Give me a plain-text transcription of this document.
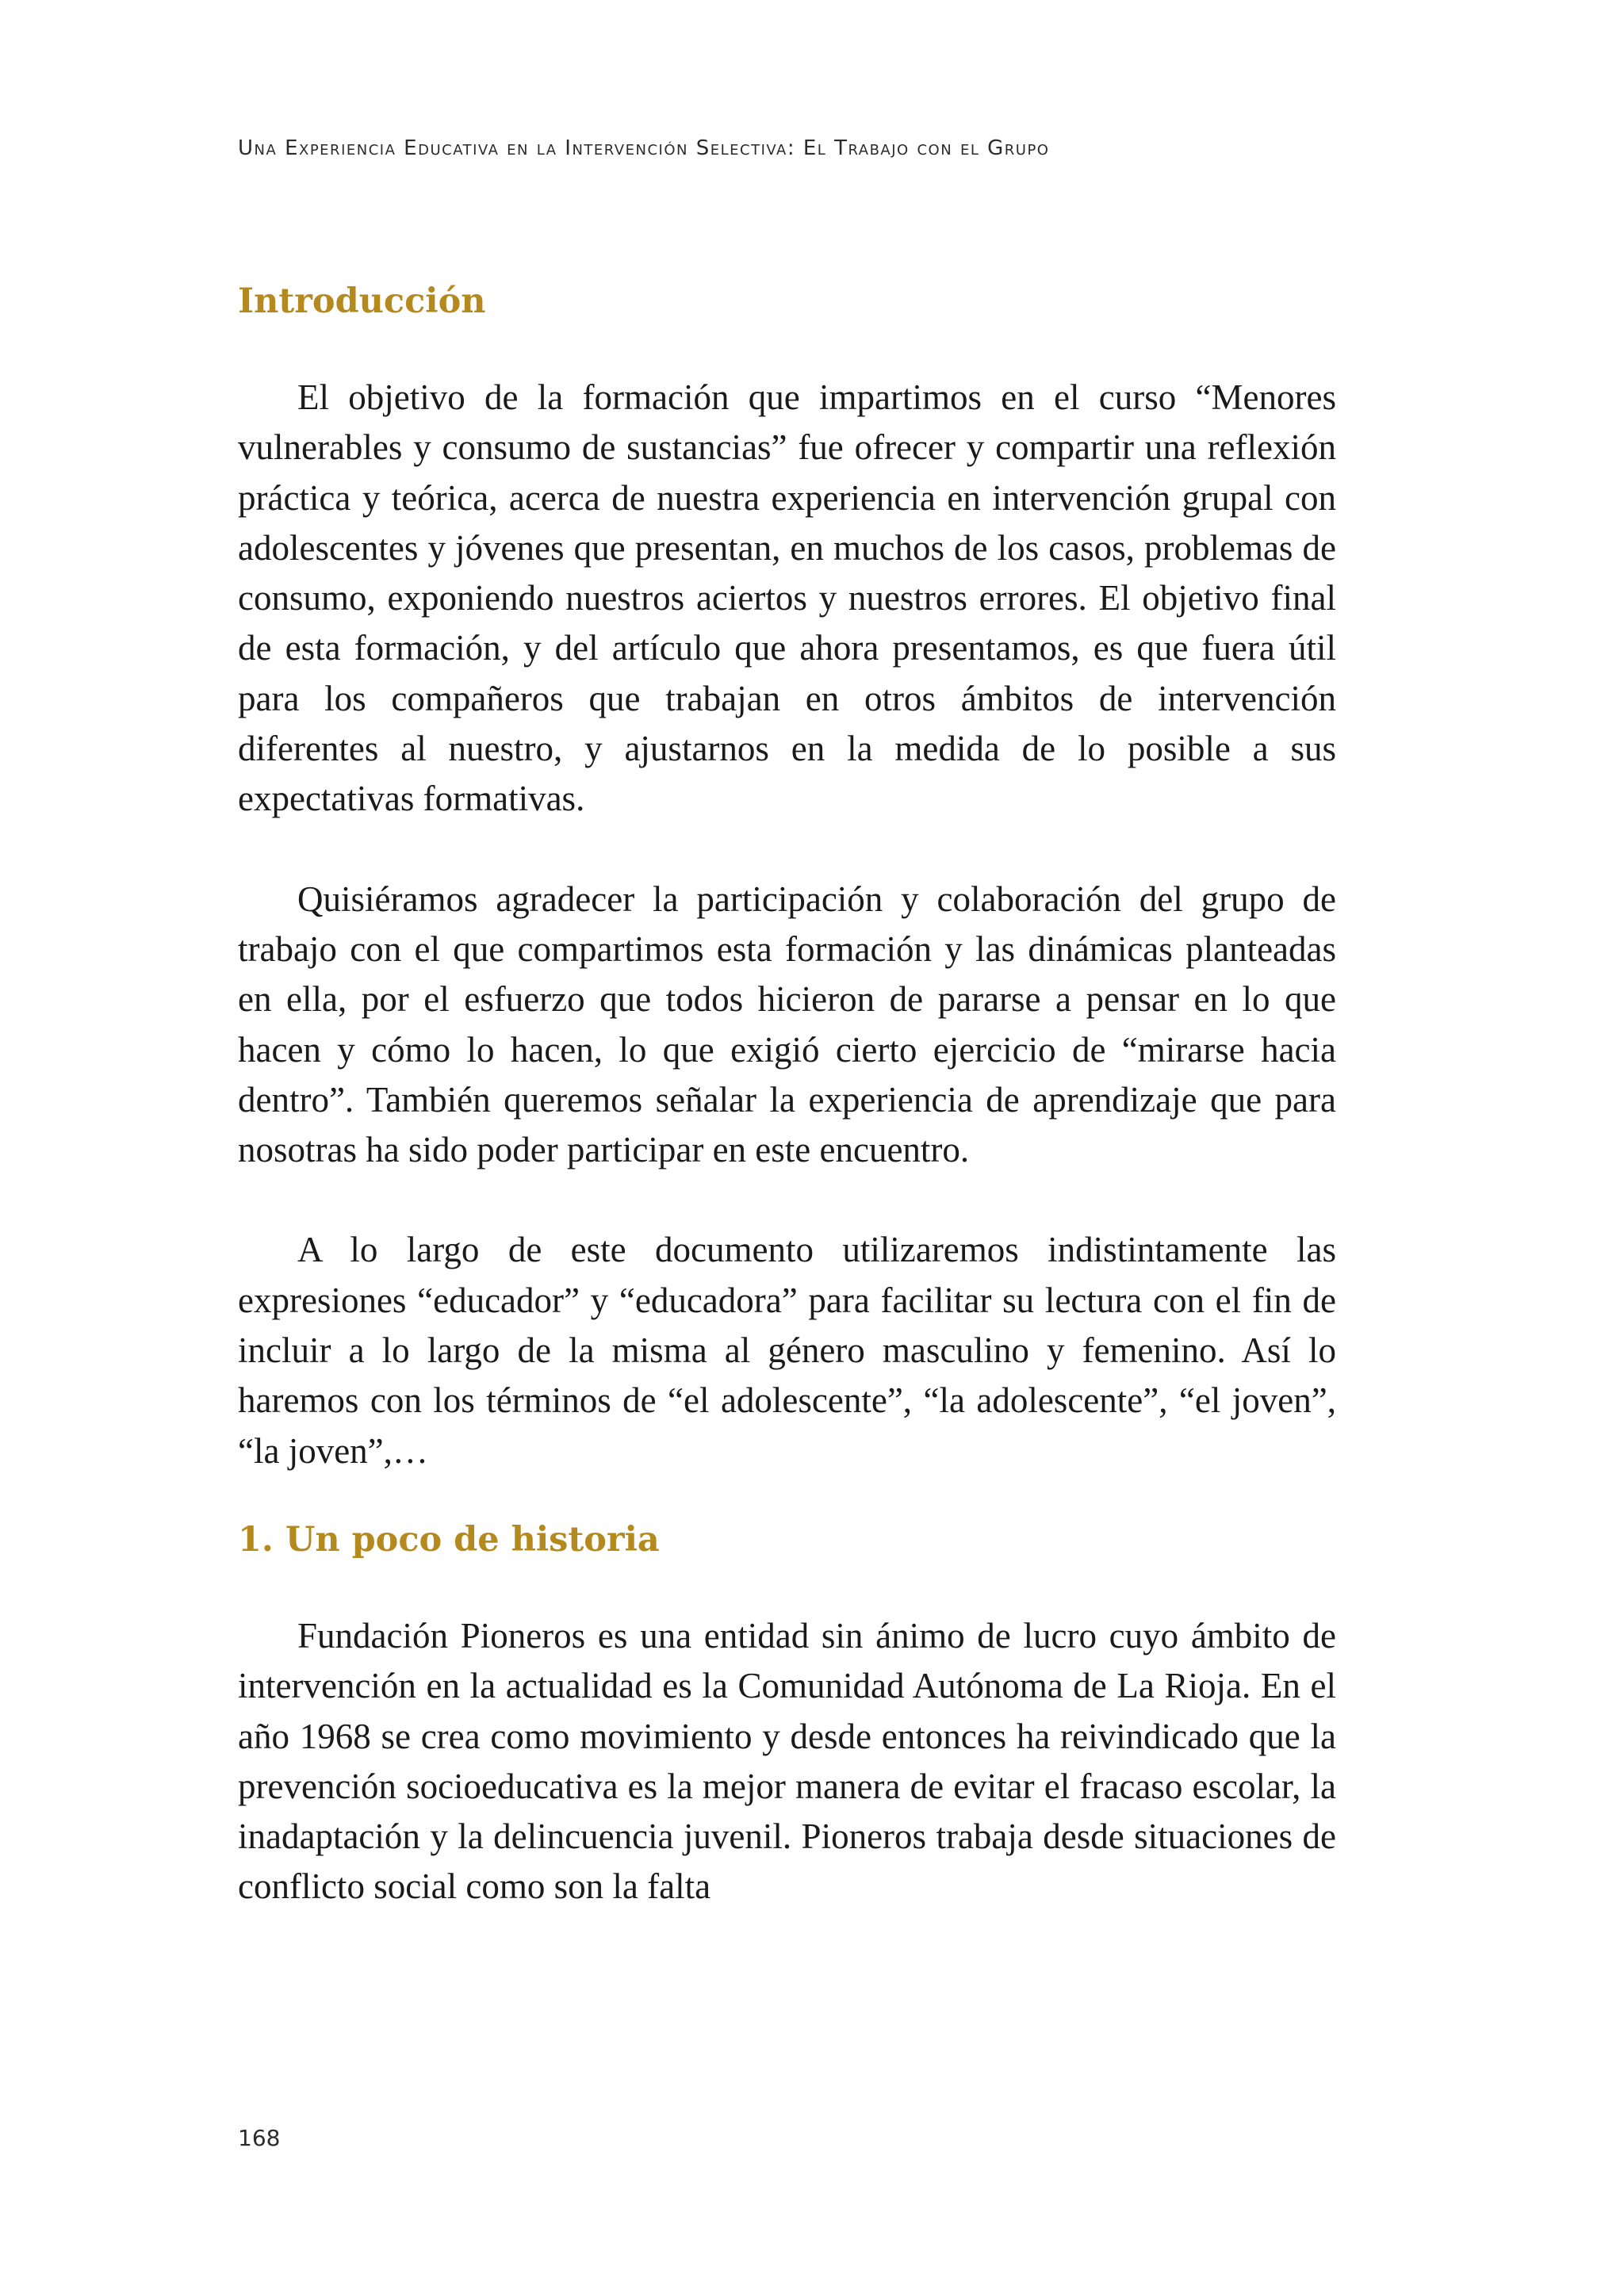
Una Experiencia Educativa en la Intervención Selectiva: El Trabajo con el Grupo
Introducción

El objetivo de la formación que impartimos en el curso “Menores vulnerables y consumo de sustancias” fue ofrecer y compartir una reflexión práctica y teórica, acerca de nuestra experiencia en intervención grupal con adolescentes y jóvenes que presentan, en muchos de los casos, problemas de consumo, exponiendo nuestros aciertos y nuestros errores. El objetivo final de esta formación, y del artículo que ahora presentamos, es que fuera útil para los compañeros que trabajan en otros ámbitos de intervención diferentes al nuestro, y ajustarnos en la medida de lo posible a sus expectativas formativas.

Quisiéramos agradecer la participación y colaboración del grupo de trabajo con el que compartimos esta formación y las dinámicas planteadas en ella, por el esfuerzo que todos hicieron de pararse a pensar en lo que hacen y cómo lo hacen, lo que exigió cierto ejercicio de “mirarse hacia dentro”. También queremos señalar la experiencia de aprendizaje que para nosotras ha sido poder participar en este encuentro.

A lo largo de este documento utilizaremos indistintamente las expresiones “educador” y “educadora” para facilitar su lectura con el fin de incluir a lo largo de la misma al género masculino y femenino. Así lo haremos con los términos de “el adolescente”, “la adolescente”, “el joven”, “la joven”,…

1. Un poco de historia

Fundación Pioneros es una entidad sin ánimo de lucro cuyo ámbito de intervención en la actualidad es la Comunidad Autónoma de La Rioja. En el año 1968 se crea como movimiento y desde entonces ha reivindicado que la prevención socioeducativa es la mejor manera de evitar el fracaso escolar, la inadaptación y la delincuencia juvenil. Pioneros trabaja desde situaciones de conflicto social como son la falta

168
